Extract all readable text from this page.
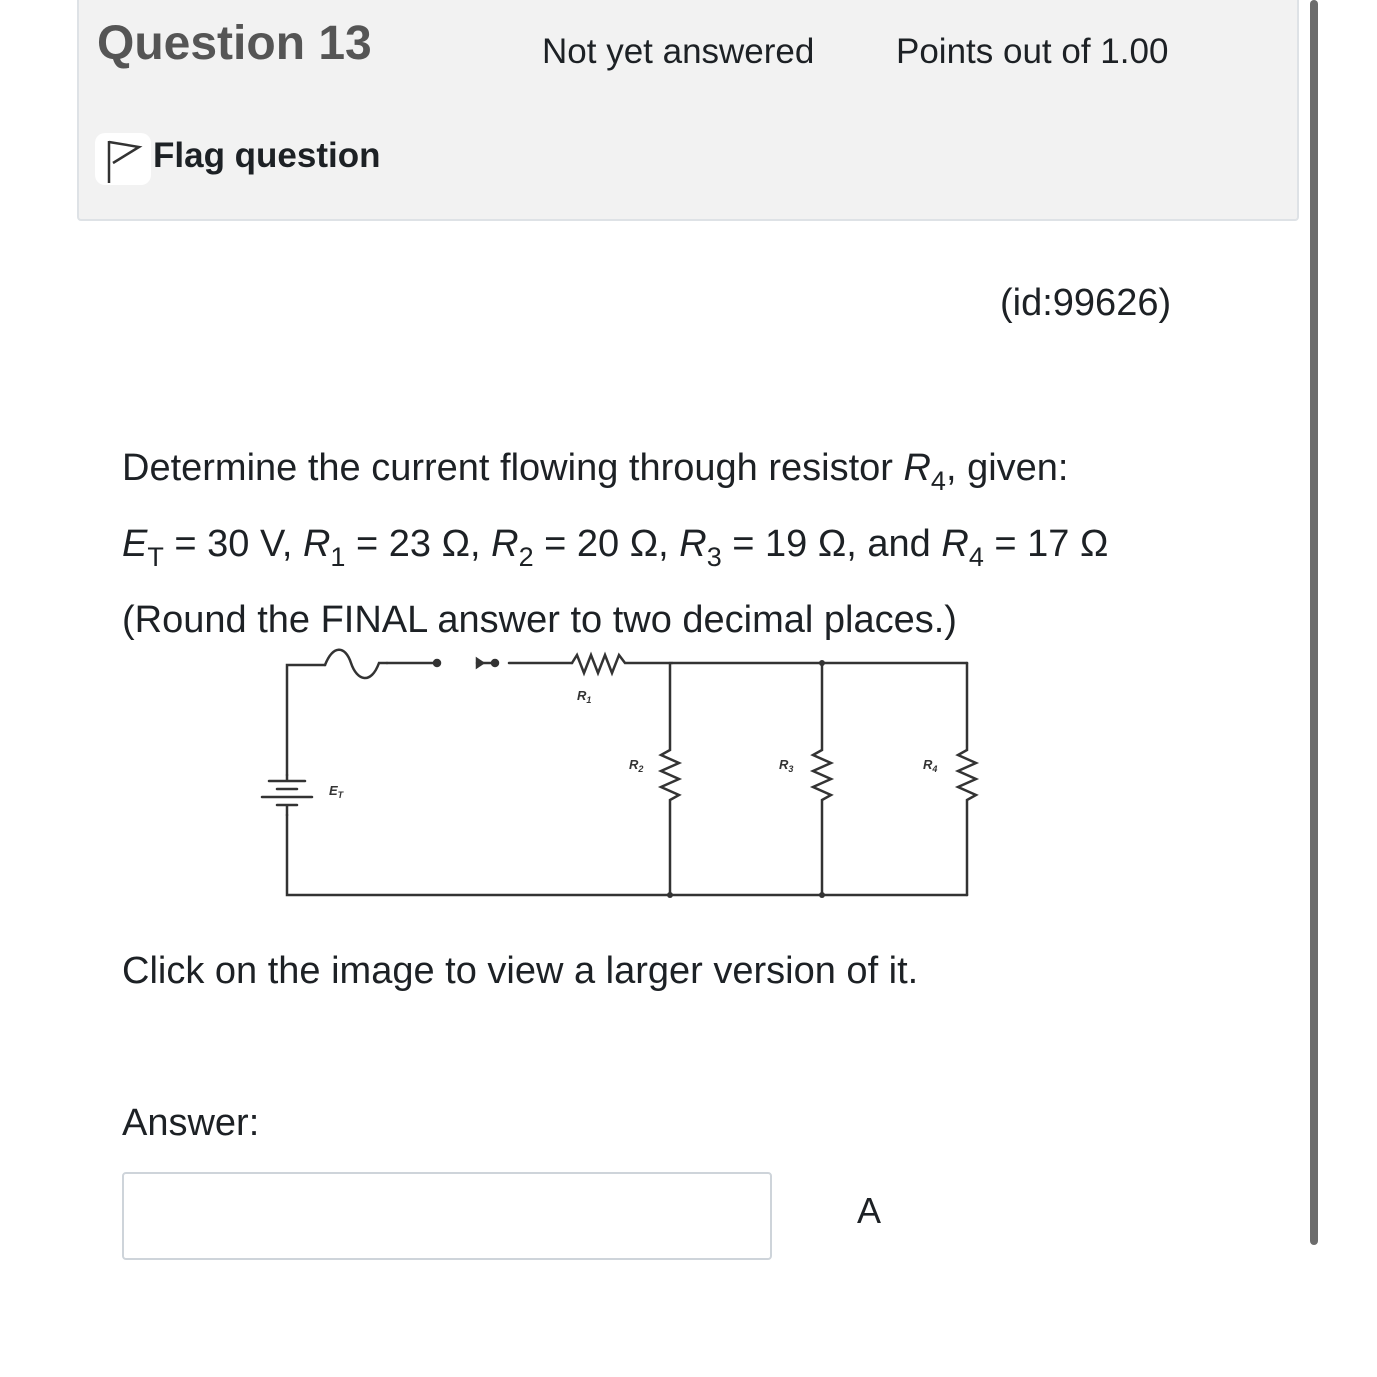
Question 13	Not yet answered Points out of 1.00
Flag question
(id:99626)
Determine the current flowing through resistor $R_4$, given:
$E_T = 30$ V, $R_1 = 23$ Ω, $R_2 = 20$ Ω, $R_3 = 19$ Ω, and $R_4 = 17$ Ω
(Round the FINAL answer to two decimal places.)
$E_T$
$R_1$
$R_2$	$R_3$	$R_4$
Click on the image to view a larger version of it.
Answer:
A
